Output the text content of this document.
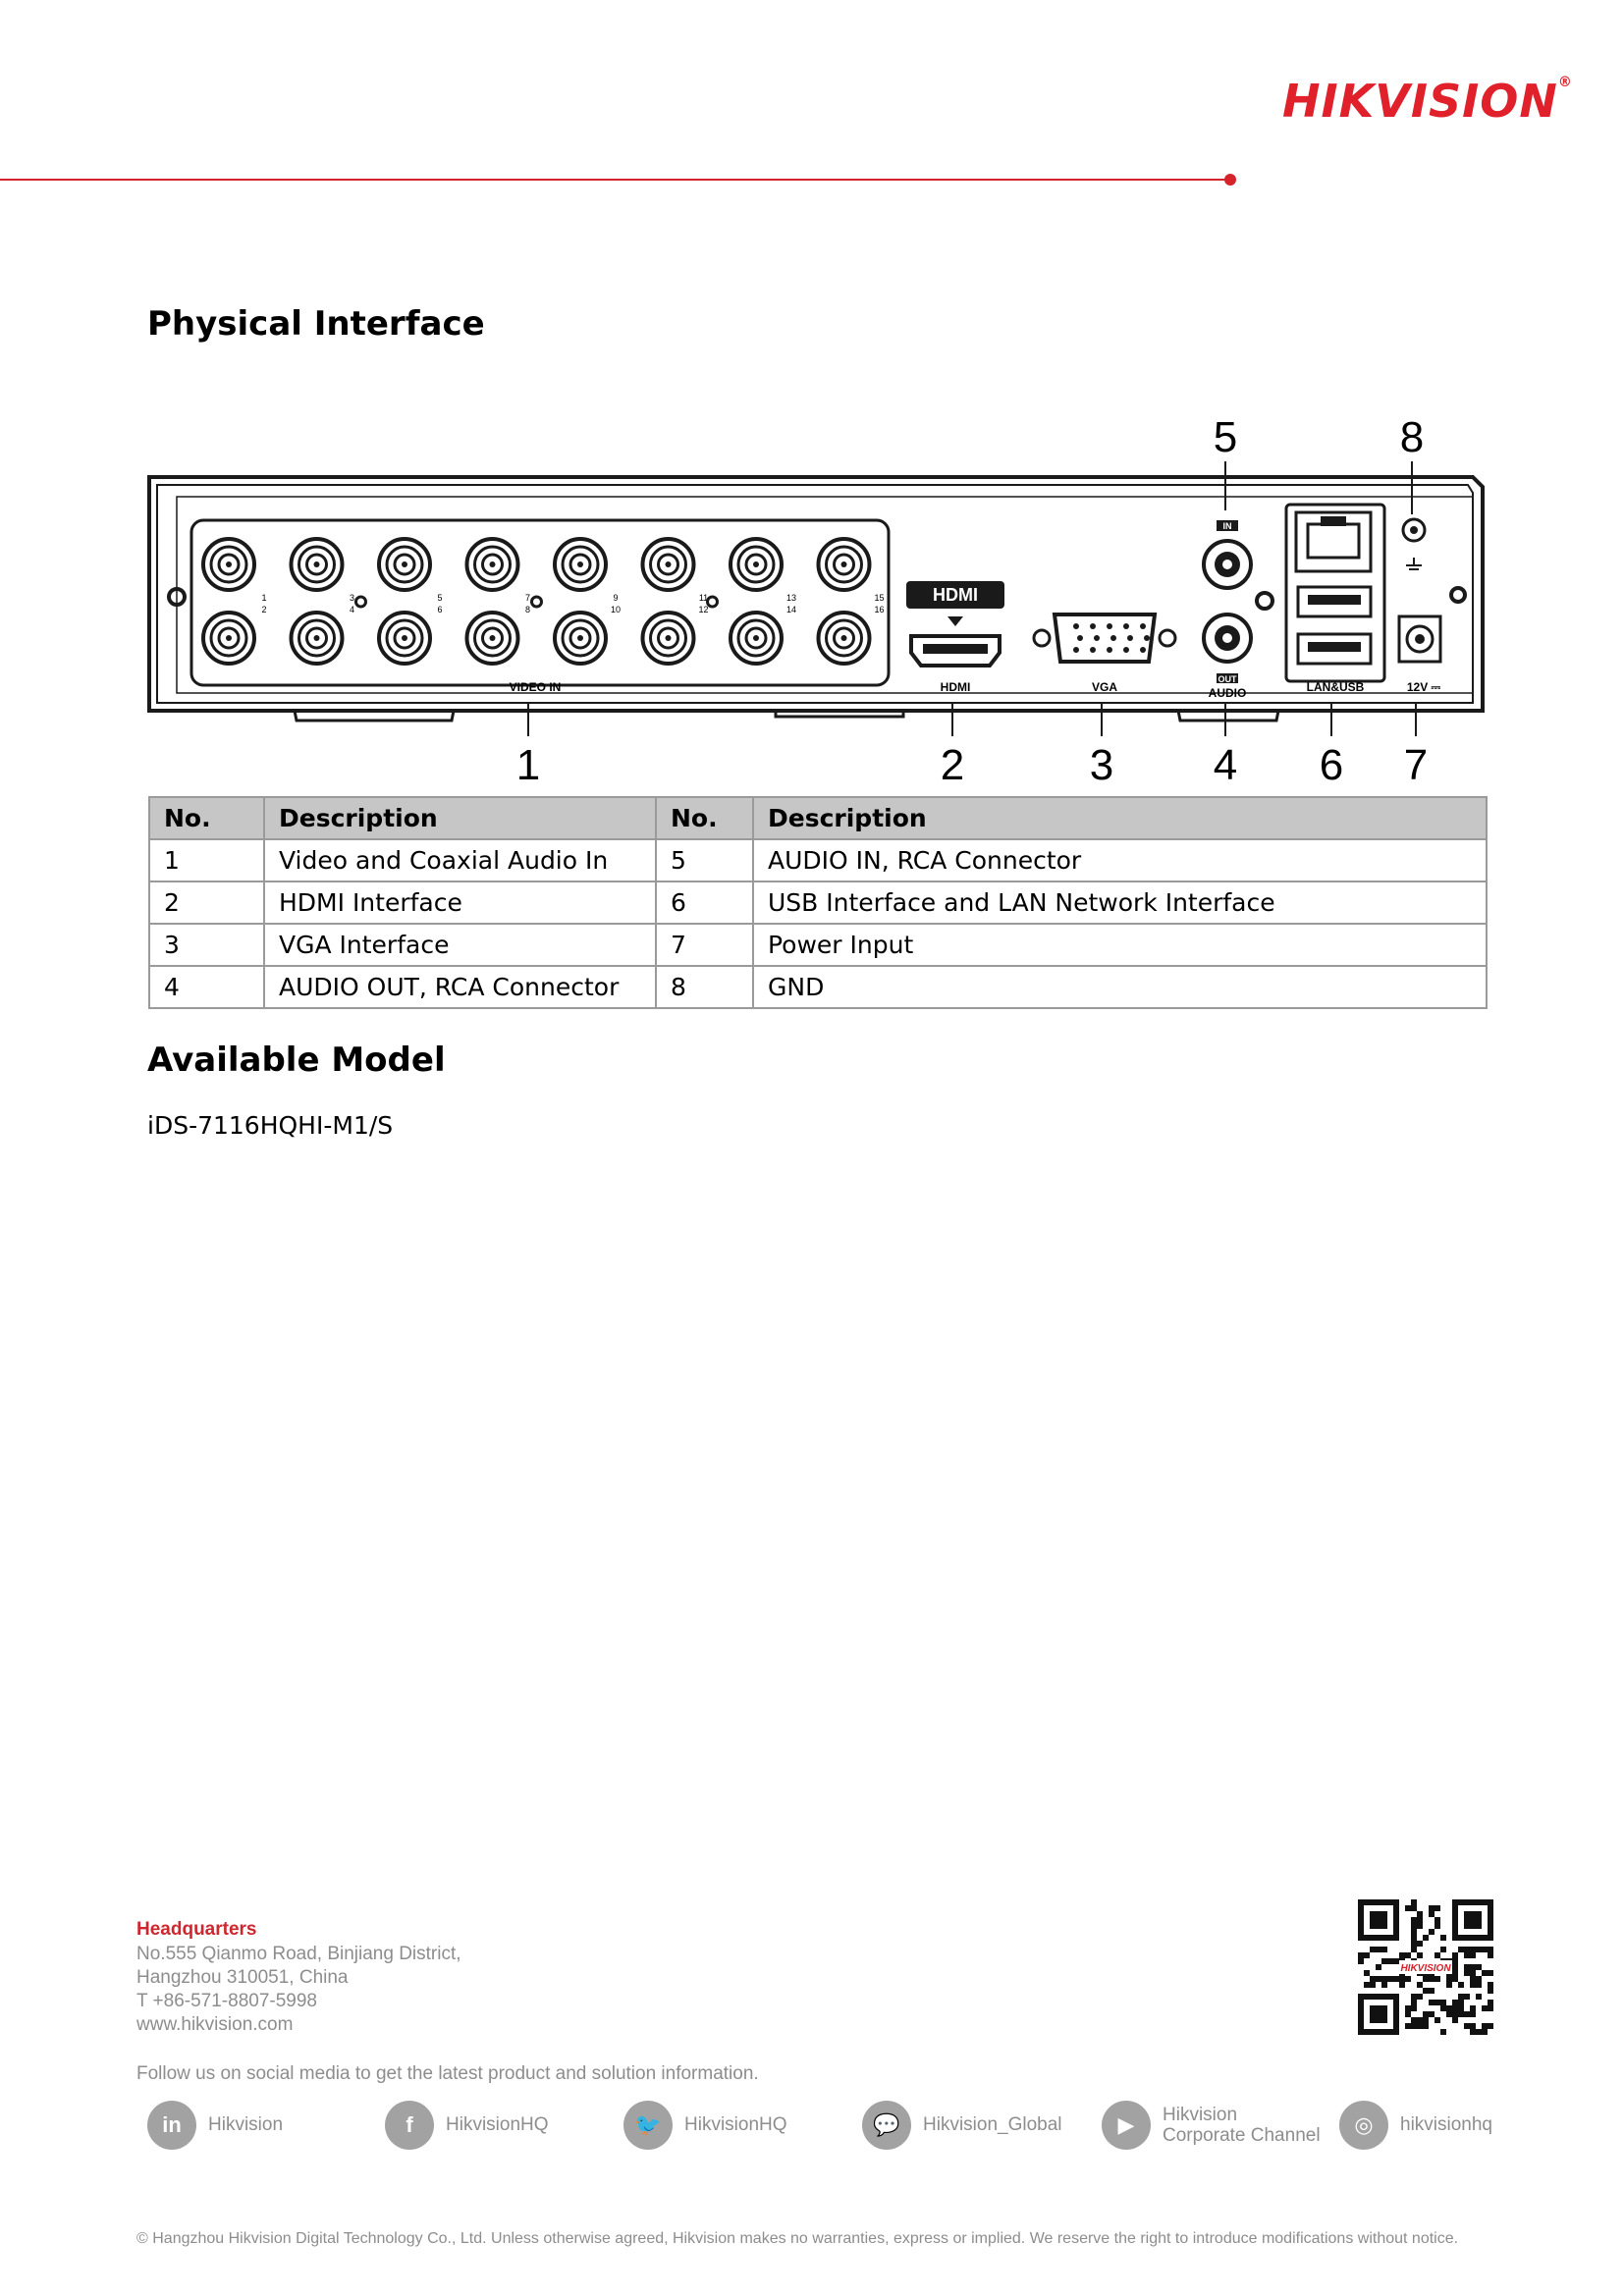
HIKVISION®
Physical Interface
1
2
3
4
5
6
7
8
9
10
11
12
13
14
15
16
VIDEO IN
HDMI
HDMI	VGA
IN
OUT
AUDIO	LAN&USB	12V ⎓
5	8
1	2	3 4 6 7
No.	Description	No.	Description
1	Video and Coaxial Audio In	5	AUDIO IN, RCA Connector
2	HDMI Interface	6	USB Interface and LAN Network Interface
3	VGA Interface	7	Power Input
4	AUDIO OUT, RCA Connector	8	GND
Available Model
iDS-7116HQHI-M1/S
Headquarters
No.555 Qianmo Road, Binjiang District,
Hangzhou 310051, China
T +86-571-8807-5998
www.hikvision.com
HIKVISION
Follow us on social media to get the latest product and solution information.
in	Hikvision	f	HikvisionHQ	🐦	HikvisionHQ	💬	Hikvision_Global	▶	Hikvision
Corporate Channel	◎	hikvisionhq
© Hangzhou Hikvision Digital Technology Co., Ltd. Unless otherwise agreed, Hikvision makes no warranties, express or implied. We reserve the right to introduce modifications without notice.
